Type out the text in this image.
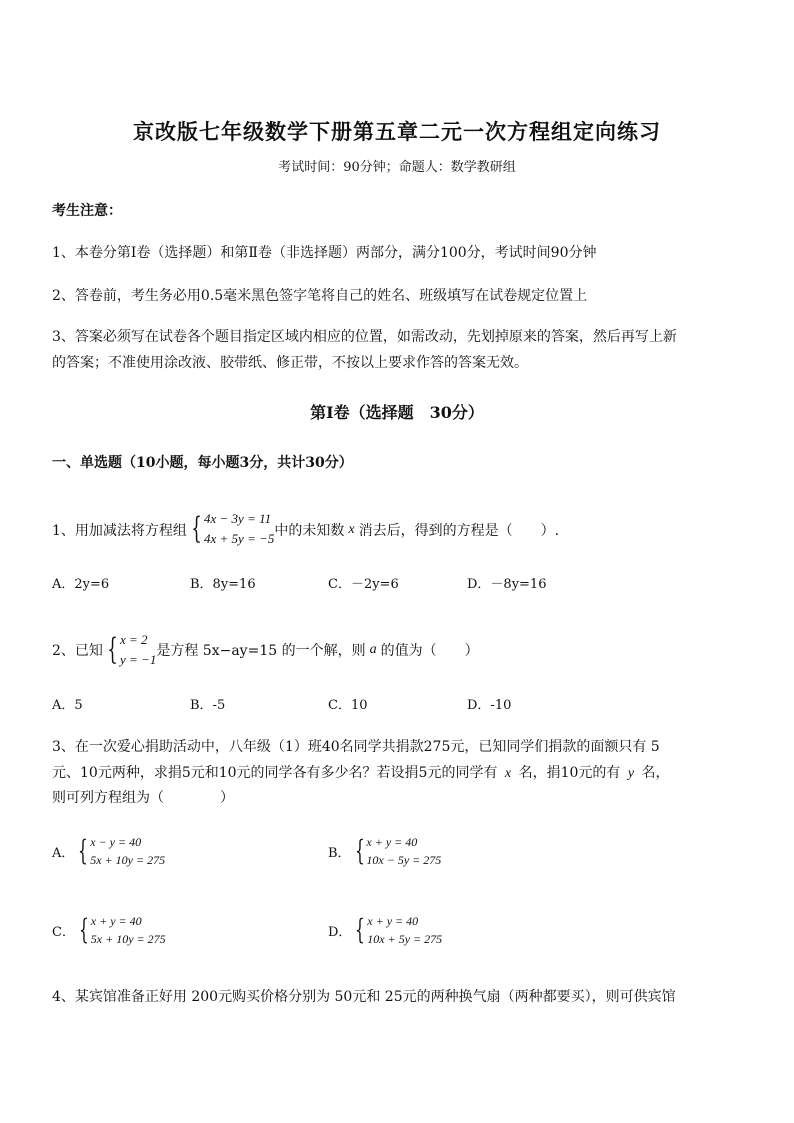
京改版七年级数学下册第五章二元一次方程组定向练习
考试时间：90分钟；命题人：数学教研组
考生注意：
1、本卷分第Ⅰ卷（选择题）和第Ⅱ卷（非选择题）两部分，满分100分，考试时间90分钟
2、答卷前，考生务必用0.5毫米黑色签字笔将自己的姓名、班级填写在试卷规定位置上
3、答案必须写在试卷各个题目指定区域内相应的位置，如需改动，先划掉原来的答案，然后再写上新
的答案；不准使用涂改液、胶带纸、修正带，不按以上要求作答的答案无效。
第Ⅰ卷（选择题　30分）
一、单选题（10小题，每小题3分，共计30分）
1、用加减法将方程组 { 4x − 3y = 11
4x + 5y = −5 中的未知数 x 消去后，得到的方程是（　　）.
A．2y=6	B．8y=16	C．－2y=6	D．－8y=16
2、已知 { x = 2
y = −1
是方程 5x−ay=15 的一个解，则 a 的值为（　　）
A．5	B．-5	C．10	D．-10
3、在一次爱心捐助活动中，八年级（1）班40名同学共捐款275元，已知同学们捐款的面额只有 5
元、10元两种，求捐5元和10元的同学各有多少名？若设捐5元的同学有 x 名，捐10元的有 y 名，
则可列方程组为（　　　　）
A． { x − y = 40
5x + 10y = 275	B． { x + y = 40
10x − 5y = 275
C． { x + y = 40
5x + 10y = 275	D． { x + y = 40
10x + 5y = 275
4、某宾馆准备正好用 200元购买价格分别为 50元和 25元的两种换气扇（两种都要买），则可供宾馆
